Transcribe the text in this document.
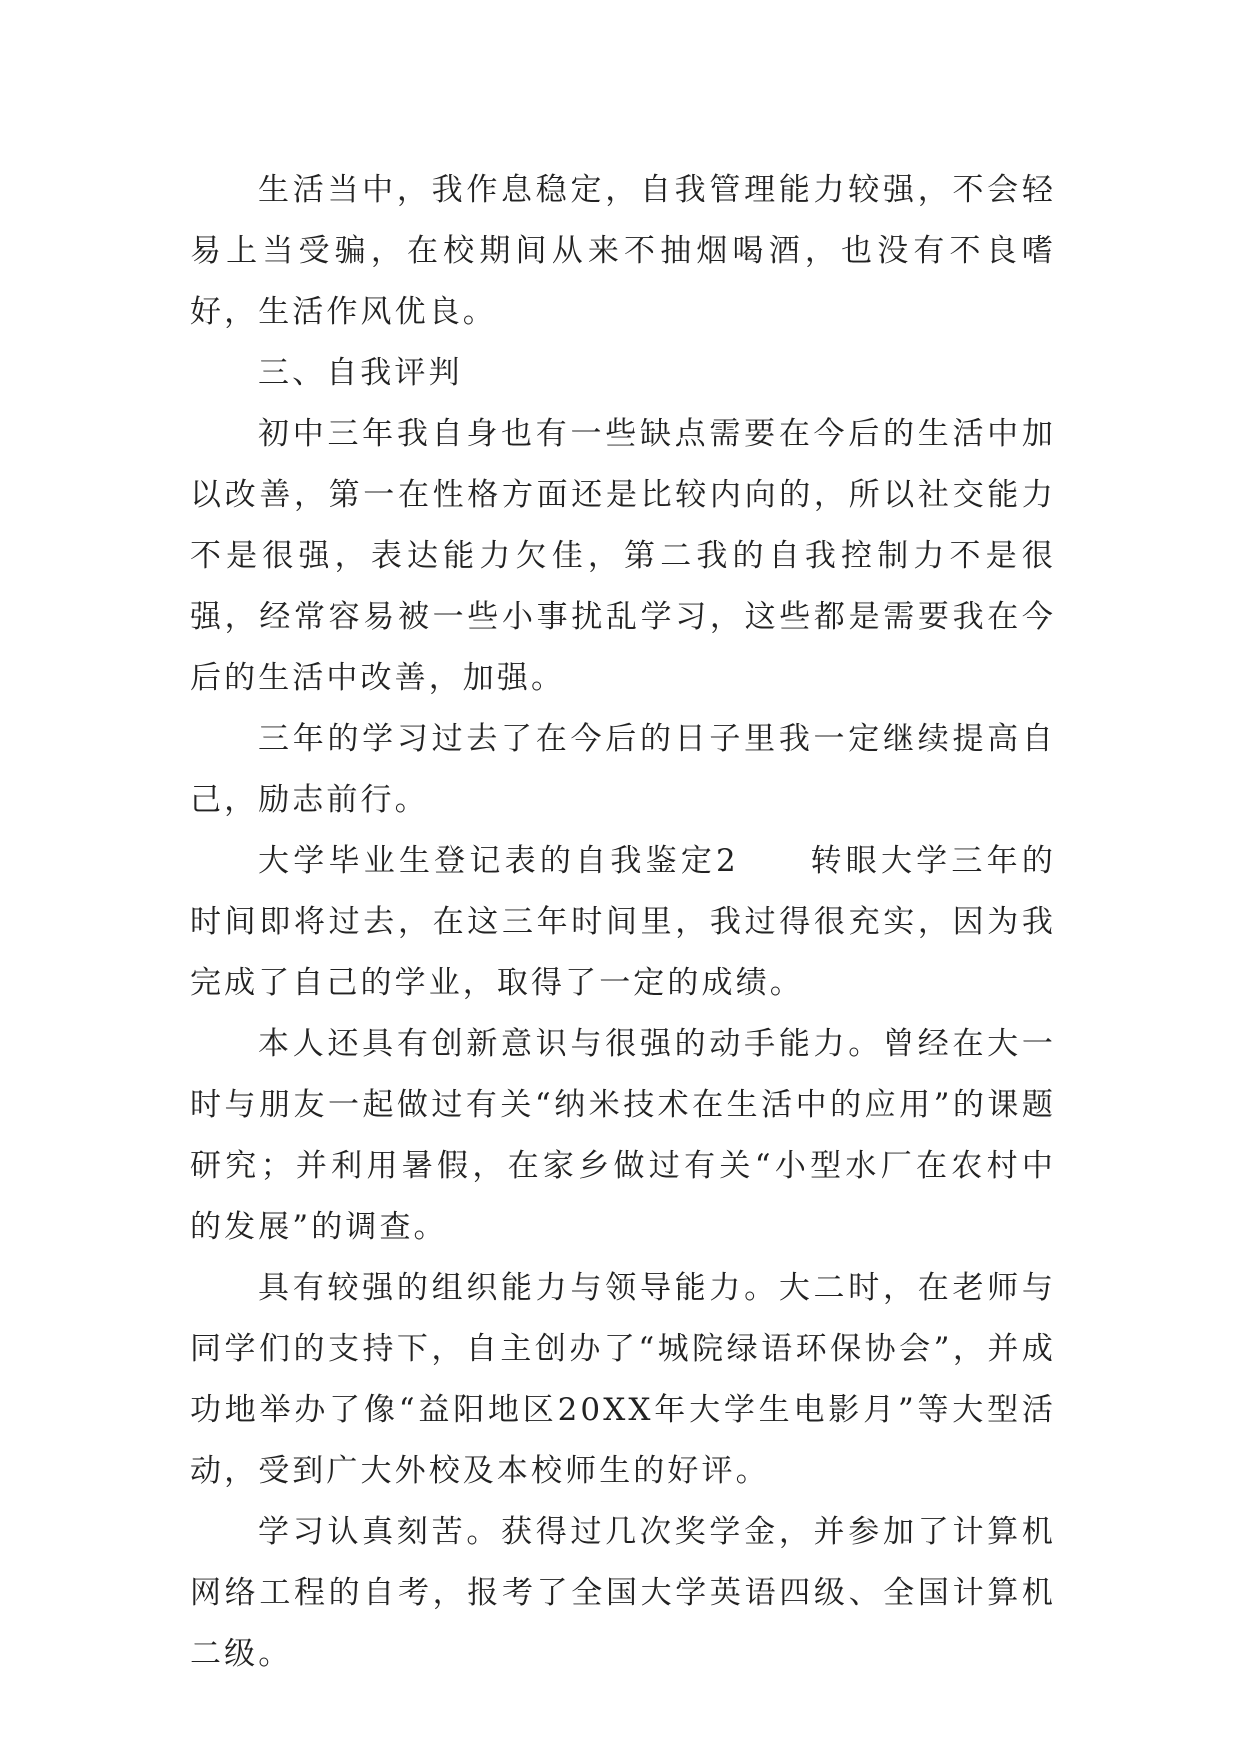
生活当中，我作息稳定，自我管理能力较强，不会轻易上当受骗，在校期间从来不抽烟喝酒，也没有不良嗜好，生活作风优良。

三、自我评判

初中三年我自身也有一些缺点需要在今后的生活中加以改善，第一在性格方面还是比较内向的，所以社交能力不是很强，表达能力欠佳，第二我的自我控制力不是很强，经常容易被一些小事扰乱学习，这些都是需要我在今后的生活中改善，加强。

三年的学习过去了在今后的日子里我一定继续提高自己，励志前行。

大学毕业生登记表的自我鉴定2　　转眼大学三年的时间即将过去，在这三年时间里，我过得很充实，因为我完成了自己的学业，取得了一定的成绩。

本人还具有创新意识与很强的动手能力。曾经在大一时与朋友一起做过有关“纳米技术在生活中的应用”的课题研究；并利用暑假，在家乡做过有关“小型水厂在农村中的发展”的调查。

具有较强的组织能力与领导能力。大二时，在老师与同学们的支持下，自主创办了“城院绿语环保协会”，并成功地举办了像“益阳地区20XX年大学生电影月”等大型活动，受到广大外校及本校师生的好评。

学习认真刻苦。获得过几次奖学金，并参加了计算机网络工程的自考，报考了全国大学英语四级、全国计算机二级。
